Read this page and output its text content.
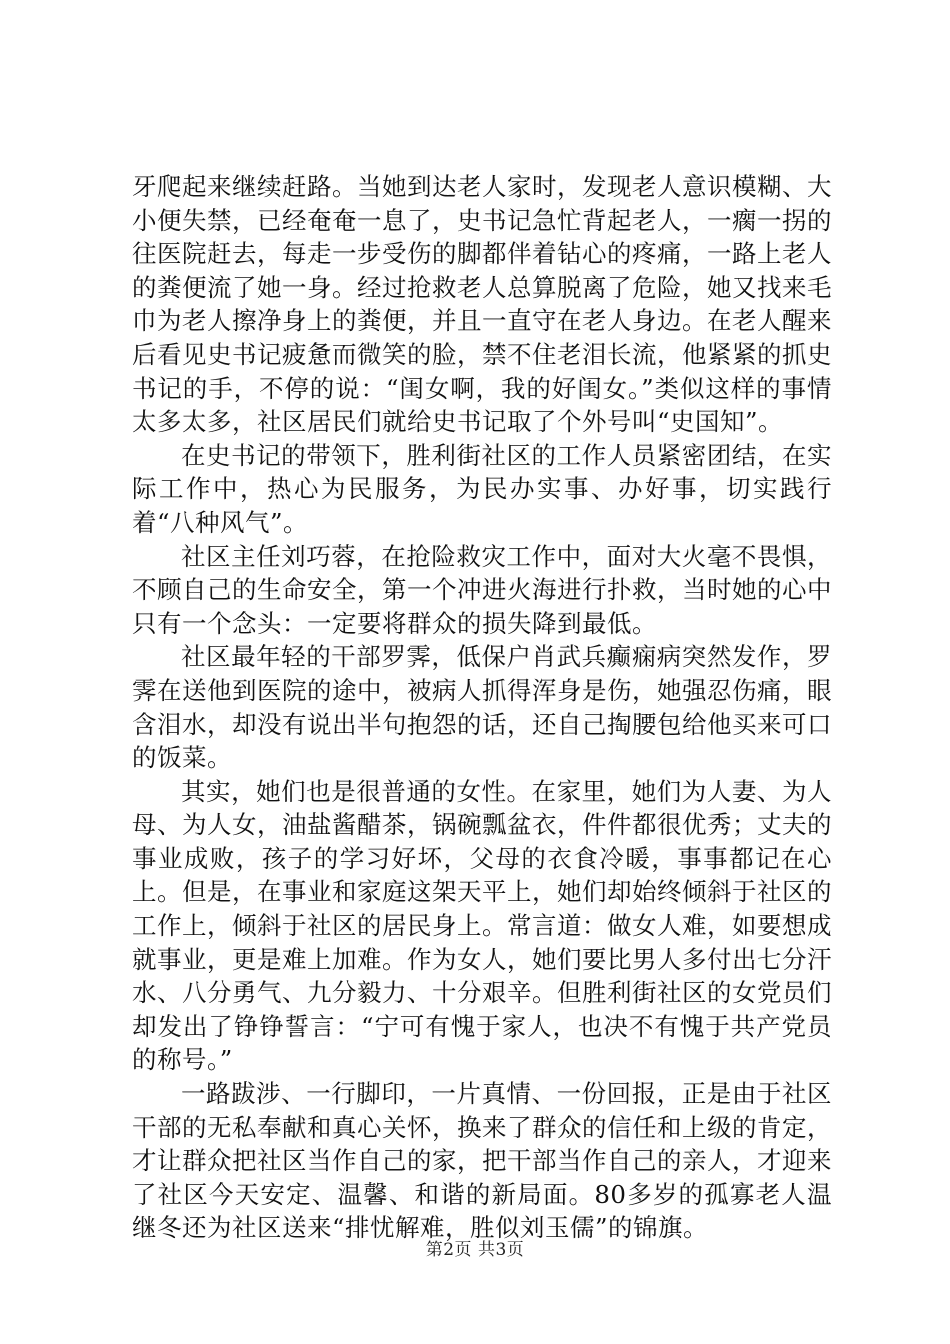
牙爬起来继续赶路。当她到达老人家时，发现老人意识模糊、大小便失禁，已经奄奄一息了，史书记急忙背起老人，一瘸一拐的往医院赶去，每走一步受伤的脚都伴着钻心的疼痛，一路上老人的粪便流了她一身。经过抢救老人总算脱离了危险，她又找来毛巾为老人擦净身上的粪便，并且一直守在老人身边。在老人醒来后看见史书记疲惫而微笑的脸，禁不住老泪长流，他紧紧的抓史书记的手，不停的说：“闺女啊，我的好闺女。”类似这样的事情太多太多，社区居民们就给史书记取了个外号叫“史国知”。

在史书记的带领下，胜利街社区的工作人员紧密团结，在实际工作中，热心为民服务，为民办实事、办好事，切实践行着“八种风气”。

社区主任刘巧蓉，在抢险救灾工作中，面对大火毫不畏惧，不顾自己的生命安全，第一个冲进火海进行扑救，当时她的心中只有一个念头：一定要将群众的损失降到最低。

社区最年轻的干部罗霁，低保户肖武兵癫痫病突然发作，罗霁在送他到医院的途中，被病人抓得浑身是伤，她强忍伤痛，眼含泪水，却没有说出半句抱怨的话，还自己掏腰包给他买来可口的饭菜。

其实，她们也是很普通的女性。在家里，她们为人妻、为人母、为人女，油盐酱醋茶，锅碗瓢盆衣，件件都很优秀；丈夫的事业成败，孩子的学习好坏，父母的衣食冷暖，事事都记在心上。但是，在事业和家庭这架天平上，她们却始终倾斜于社区的工作上，倾斜于社区的居民身上。常言道：做女人难，如要想成就事业，更是难上加难。作为女人，她们要比男人多付出七分汗水、八分勇气、九分毅力、十分艰辛。但胜利街社区的女党员们却发出了铮铮誓言：“宁可有愧于家人，也决不有愧于共产党员的称号。”

一路跋涉、一行脚印，一片真情、一份回报，正是由于社区干部的无私奉献和真心关怀，换来了群众的信任和上级的肯定，才让群众把社区当作自己的家，把干部当作自己的亲人，才迎来了社区今天安定、温馨、和谐的新局面。80多岁的孤寡老人温继冬还为社区送来“排忧解难，胜似刘玉儒”的锦旗。

第2页 共3页
